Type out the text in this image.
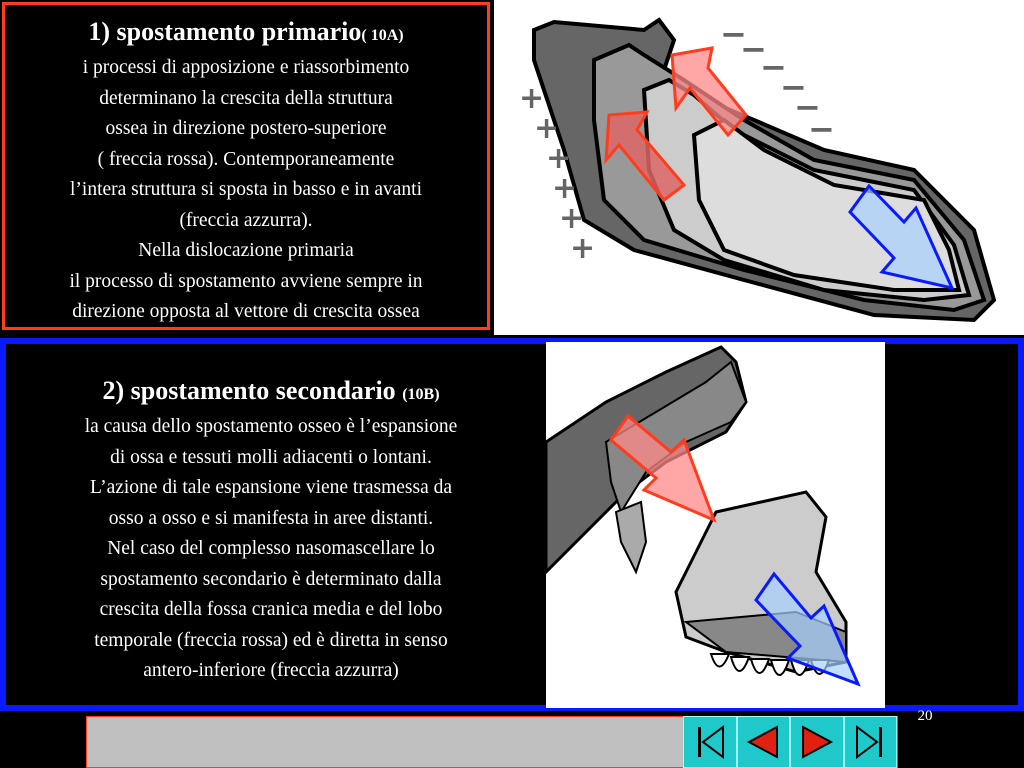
1) spostamento primario( 10A)
i processi di apposizione e riassorbimento
determinano la crescita della struttura
ossea in direzione postero-superiore
( freccia rossa). Contemporaneamente
l’intera struttura si sposta in basso e in avanti
(freccia azzurra).
Nella dislocazione primaria
il processo di spostamento avviene sempre in
direzione opposta al vettore di crescita ossea
+
+
+
+
+
+
−
−
−
−
−
−
2) spostamento secondario (10B)
la causa dello spostamento osseo è l’espansione
di ossa e tessuti molli adiacenti o lontani.
L’azione di tale espansione viene trasmessa da
osso a osso e si manifesta in aree distanti.
Nel caso del complesso nasomascellare lo
spostamento secondario è determinato dalla
crescita della fossa cranica media e del lobo
temporale (freccia rossa) ed è diretta in senso
antero-inferiore (freccia azzurra)
20
